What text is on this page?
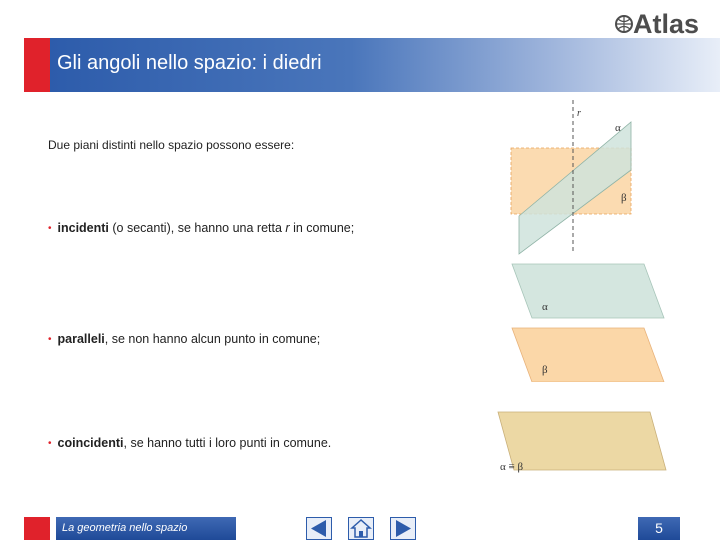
Atlas
Gli angoli nello spazio: i diedri
Due piani distinti nello spazio possono essere:
• incidenti (o secanti), se hanno una retta r in comune;
• paralleli, se non hanno alcun punto in comune;
• coincidenti, se hanno tutti i loro punti in comune.
r
α
β
α
β
α ≡ β
La geometria nello spazio	5
